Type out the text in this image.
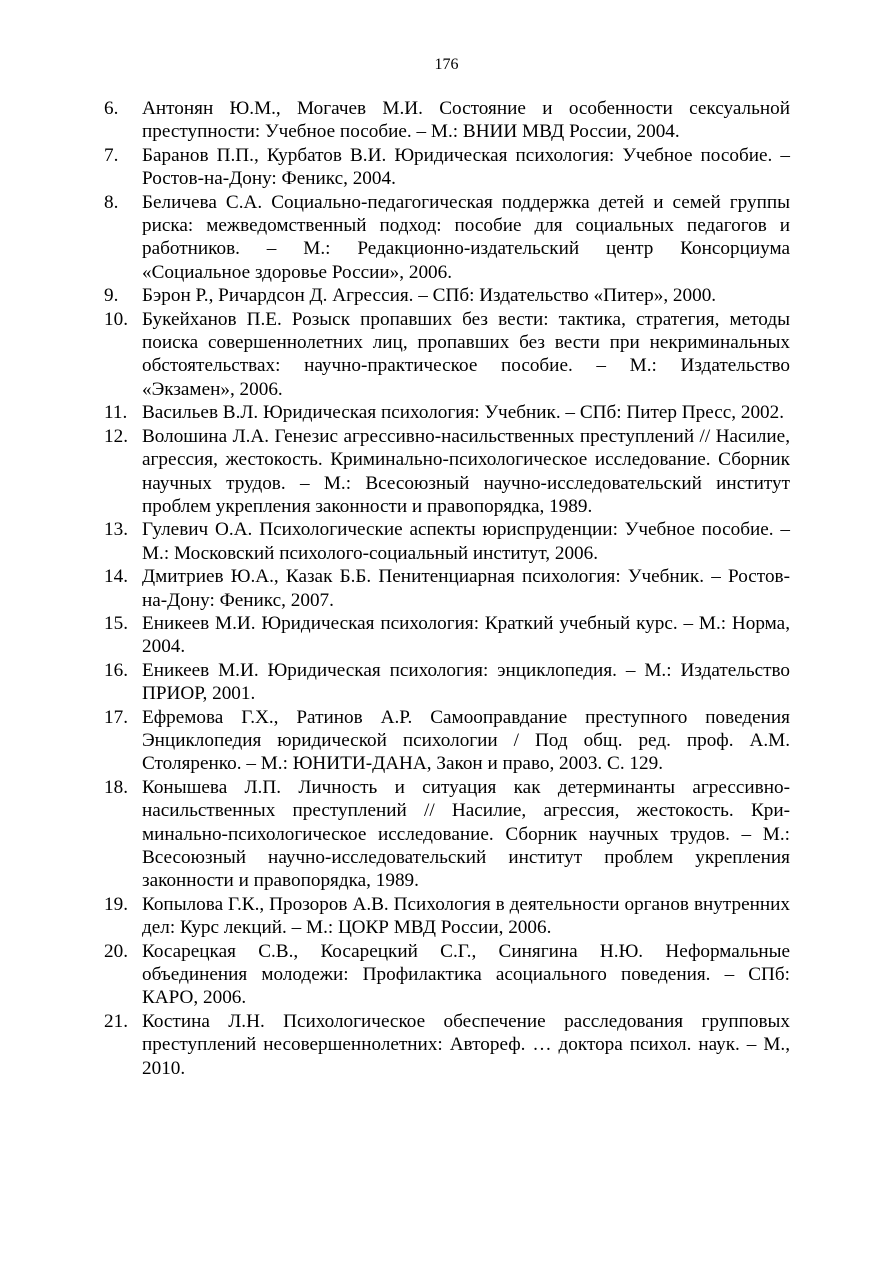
176
6. Антонян Ю.М., Могачев М.И. Состояние и особенности сексуальной преступности: Учебное пособие. – М.: ВНИИ МВД России, 2004.
7. Баранов П.П., Курбатов В.И. Юридическая психология: Учебное пособие. – Ростов-на-Дону: Феникс, 2004.
8. Беличева С.А. Социально-педагогическая поддержка детей и семей группы риска: межведомственный подход: пособие для социальных педагогов и работников. – М.: Редакционно-издательский центр Консорциума «Социальное здоровье России», 2006.
9. Бэрон Р., Ричардсон Д. Агрессия. – СПб: Издательство «Питер», 2000.
10. Букейханов П.Е. Розыск пропавших без вести: тактика, стратегия, методы поиска совершеннолетних лиц, пропавших без вести при некриминальных обстоятельствах: научно-практическое пособие. – М.: Издательство «Экзамен», 2006.
11. Васильев В.Л. Юридическая психология: Учебник. – СПб: Питер Пресс, 2002.
12. Волошина Л.А. Генезис агрессивно-насильственных преступлений // Насилие, агрессия, жестокость. Криминально-психологическое исследование. Сборник научных трудов. – М.: Всесоюзный научно-исследовательский институт проблем укрепления законности и правопорядка, 1989.
13. Гулевич О.А. Психологические аспекты юриспруденции: Учебное пособие. – М.: Московский психолого-социальный институт, 2006.
14. Дмитриев Ю.А., Казак Б.Б. Пенитенциарная психология: Учебник. – Ростов-на-Дону: Феникс, 2007.
15. Еникеев М.И. Юридическая психология: Краткий учебный курс. – М.: Норма, 2004.
16. Еникеев М.И. Юридическая психология: энциклопедия. – М.: Издательство ПРИОР, 2001.
17. Ефремова Г.Х., Ратинов А.Р. Самооправдание преступного поведения Энциклопедия юридической психологии / Под общ. ред. проф. А.М. Столяренко. – М.: ЮНИТИ-ДАНА, Закон и право, 2003. С. 129.
18. Конышева Л.П. Личность и ситуация как детерминанты агрессивно-насильственных преступлений // Насилие, агрессия, жестокость. Криминально-психологическое исследование. Сборник научных трудов. – М.: Всесоюзный научно-исследовательский институт проблем укрепления законности и правопорядка, 1989.
19. Копылова Г.К., Прозоров А.В. Психология в деятельности органов внутренних дел: Курс лекций. – М.: ЦОКР МВД России, 2006.
20. Косарецкая С.В., Косарецкий С.Г., Синягина Н.Ю. Неформальные объединения молодежи: Профилактика асоциального поведения. – СПб: КАРО, 2006.
21. Костина Л.Н. Психологическое обеспечение расследования групповых преступлений несовершеннолетних: Автореф. … доктора психол. наук. – М., 2010.
